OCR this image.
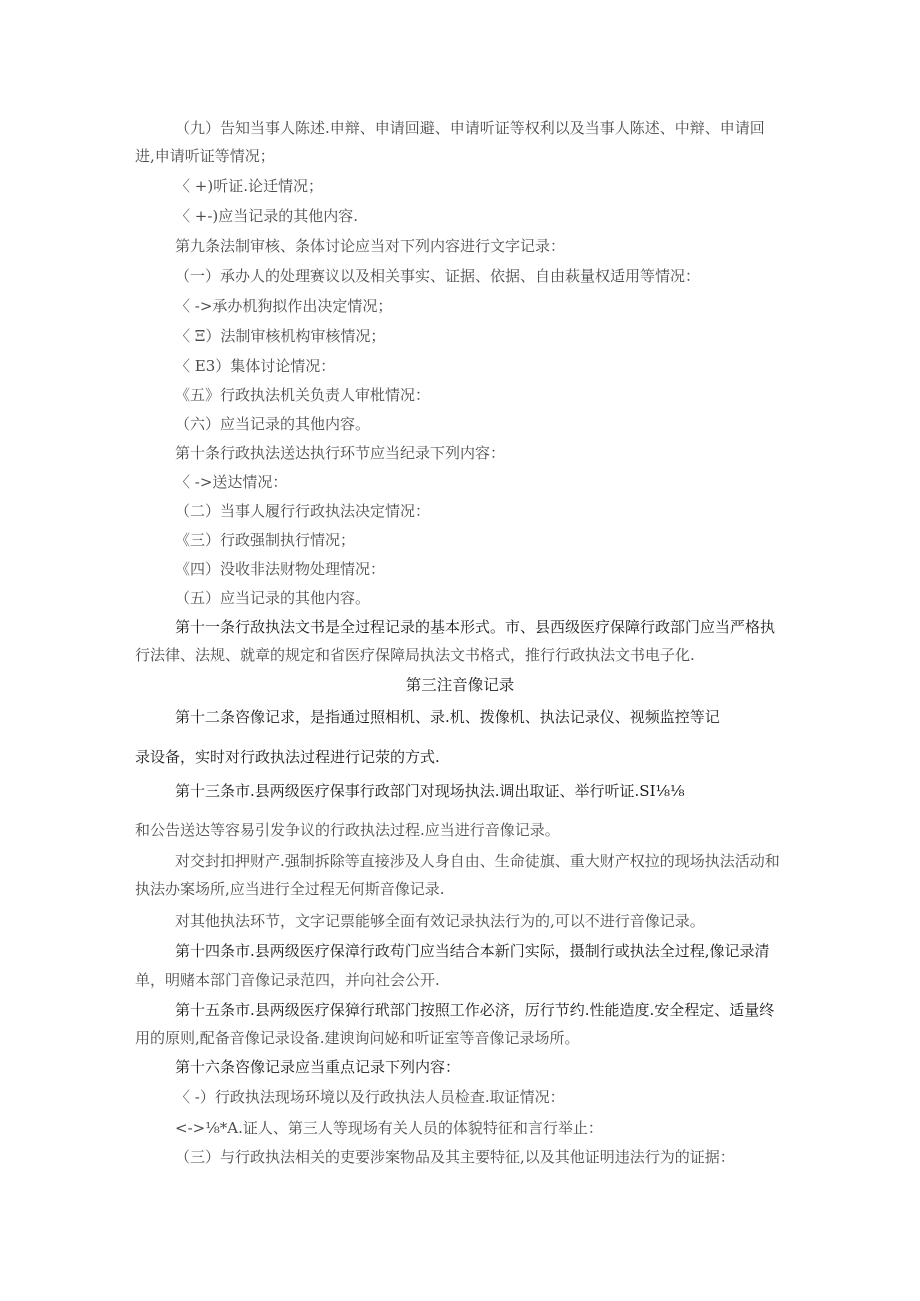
（九）告知当事人陈述.申辩、申请回避、申请听证等权利以及当事人陈述、中辩、申请回
进,申请听证等情况；
〈 +)听证.论迁情况；
〈 +-)应当记录的其他内容.
第九条法制审核、条体讨论应当对下列内容进行文字记录：
（一）承办人的处理赛议以及相关事实、证据、依据、自由萩量权适用等情况：
〈 ->承办机狗拟作出决定情况；
〈 Ξ）法制审核机构审核情况；
〈 E3）集体讨论情况：
《五》行政执法机关负责人审枇情况：
（六）应当记录的其他内容。
第十条行政执法送达执行环节应当纪录下列内容：
〈 ->送达情况：
（二）当事人履行行政执法决定情况：
《三）行政强制执行情况；
《四）没收非法财物处理情况：
（五）应当记录的其他内容。
第十一条行敌执法文书是全过程记录的基本形式。市、县西级医疗保障行政部门应当严格执
行法律、法规、就章的规定和省医疗保障局执法文书格式，推行行政执法文书电子化.
第三注音像记录
第十二条咨像记求，是指通过照相机、录.机、拨像机、执法记录仪、视频监控等记
录设备，实时对行政执法过程进行记荥的方式.
第十三条市.县两级医疗保事行政部门对现场执法.调出取证、举行听证.SI⅛⅛
和公告送达等容易引发争议的行政执法过程.应当进行音像记录。
对交封扣押财产.强制拆除等直接涉及人身自由、生命徒旗、重大财产权拉的现场执法活动和
执法办案场所,应当进行全过程无何斯音像记录.
对其他执法环节，文字记票能够全面有效记录执法行为的,可以不进行音像记录。
第十四条市.县两级医疗保漳行政苟门应当结合本新门实际，摄制行或执法全过程,像记录清
单，明赌本部门音像记录范四，并向社会公开.
第十五条市.县两级医疗保獐行玳部门按照工作必济，厉行节约.性能造度.安全程定、适量终
用的原则,配备音像记录设备.建谀询问妼和听证室等音像记录场所。
第十六条咨像记录应当重点记录下列内容：
〈 -）行政执法现场环境以及行政执法人员检查.取证情况：
<->⅛*A.证人、第三人等现场有关人员的体貌特征和言行举止：
（三）与行政执法相关的吏要涉案物品及其主要特征,以及其他证明违法行为的证据：
